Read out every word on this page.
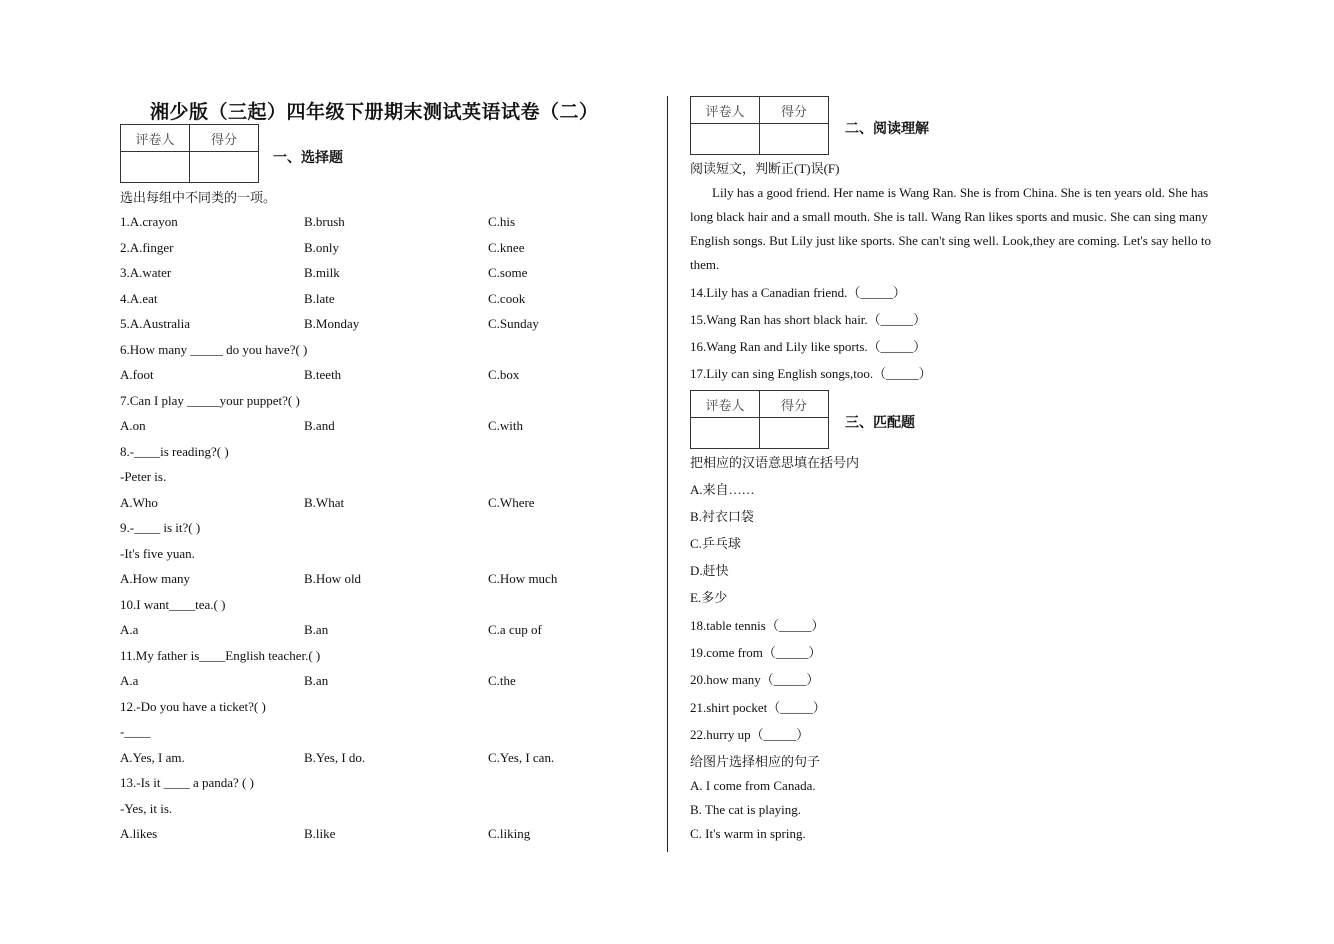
湘少版（三起）四年级下册期末测试英语试卷（二）
评卷人	得分

一、选择题
选出每组中不同类的一项。
1.A.crayon	B.brush	C.his
2.A.finger	B.only	C.knee
3.A.water	B.milk	C.some
4.A.eat	B.late	C.cook
5.A.Australia	B.Monday	C.Sunday
6.How many _____ do you have?( )
A.foot	B.teeth	C.box
7.Can I play _____your puppet?( )
A.on	B.and	C.with
8.-____is reading?( )
-Peter is.
A.Who	B.What	C.Where
9.-____ is it?( )
-It's five yuan.
A.How many	B.How old	C.How much
10.I want____tea.( )
A.a	B.an	C.a cup of
11.My father is____English teacher.( )
A.a	B.an	C.the
12.-Do you have a ticket?( )
-____
A.Yes, I am.	B.Yes, I do.	C.Yes, I can.
13.-Is it ____ a panda? ( )
-Yes, it is.
A.likes	B.like	C.liking
评卷人	得分

二、阅读理解
阅读短文，判断正(T)误(F)
Lily has a good friend. Her name is Wang Ran. She is from China. She is ten years old. She has long black hair and a small mouth. She is tall. Wang Ran likes sports and music. She can sing many English songs. But Lily just like sports. She can't sing well. Look,they are coming. Let's say hello to them.
14.Lily has a Canadian friend.（_____）
15.Wang Ran has short black hair.（_____）
16.Wang Ran and Lily like sports.（_____）
17.Lily can sing English songs,too.（_____）
评卷人	得分

三、匹配题
把相应的汉语意思填在括号内
A.来自……
B.衬衣口袋
C.乒乓球
D.赶快
E.多少
18.table tennis（_____）
19.come from（_____）
20.how many（_____）
21.shirt pocket（_____）
22.hurry up（_____）
给图片选择相应的句子
A. I come from Canada.
B. The cat is playing.
C. It's warm in spring.
